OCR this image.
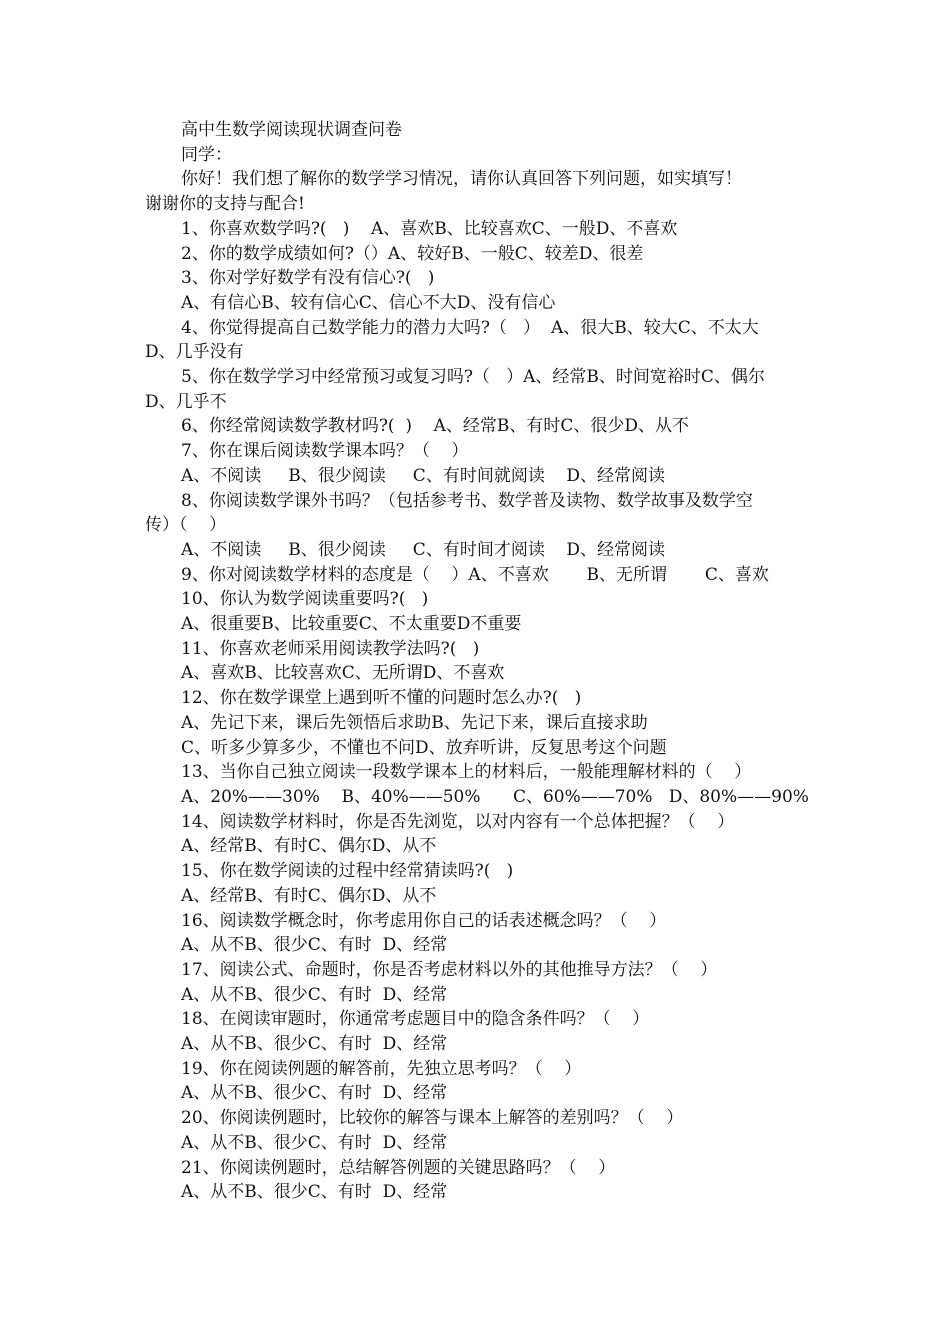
高中生数学阅读现状调查问卷

同学：

你好！我们想了解你的数学学习情况，请你认真回答下列问题，如实填写！

谢谢你的支持与配合!

1、你喜欢数学吗?(   )    A、喜欢B、比较喜欢C、一般D、不喜欢

2、你的数学成绩如何?（）A、较好B、一般C、较差D、很差

3、你对学好数学有没有信心?(   )

A、有信心B、较有信心C、信心不大D、没有信心

4、你觉得提高自己数学能力的潜力大吗?（   ）  A、很大B、较大C、不太大

D、几乎没有

5、你在数学学习中经常预习或复习吗?（   ）A、经常B、时间宽裕时C、偶尔

D、几乎不

6、你经常阅读数学教材吗?(  )    A、经常B、有时C、很少D、从不

7、你在课后阅读数学课本吗？（    ）

A、不阅读     B、很少阅读     C、有时间就阅读    D、经常阅读

8、你阅读数学课外书吗？（包括参考书、数学普及读物、数学故事及数学空

传）（    ）

A、不阅读     B、很少阅读     C、有时间才阅读    D、经常阅读

9、你对阅读数学材料的态度是（    ）A、不喜欢       B、无所谓       C、喜欢

10、你认为数学阅读重要吗?(   )

A、很重要B、比较重要C、不太重要D不重要

11、你喜欢老师采用阅读教学法吗?(   )

A、喜欢B、比较喜欢C、无所谓D、不喜欢

12、你在数学课堂上遇到听不懂的问题时怎么办?(   )

A、先记下来，课后先领悟后求助B、先记下来，课后直接求助

C、听多少算多少，不懂也不问D、放弃听讲，反复思考这个问题

13、当你自己独立阅读一段数学课本上的材料后，一般能理解材料的（    ）

A、20%——30%    B、40%——50%      C、60%——70%   D、80%——90%

14、阅读数学材料时，你是否先浏览，以对内容有一个总体把握？（    ）

A、经常B、有时C、偶尔D、从不

15、你在数学阅读的过程中经常猜读吗?(   )

A、经常B、有时C、偶尔D、从不

16、阅读数学概念时，你考虑用你自己的话表述概念吗？（    ）

A、从不B、很少C、有时  D、经常

17、阅读公式、命题时，你是否考虑材料以外的其他推导方法？（    ）

A、从不B、很少C、有时  D、经常

18、在阅读审题时，你通常考虑题目中的隐含条件吗？（    ）

A、从不B、很少C、有时  D、经常

19、你在阅读例题的解答前，先独立思考吗？（    ）

A、从不B、很少C、有时  D、经常

20、你阅读例题时，比较你的解答与课本上解答的差别吗？（    ）

A、从不B、很少C、有时  D、经常

21、你阅读例题时，总结解答例题的关键思路吗？（    ）

A、从不B、很少C、有时  D、经常
